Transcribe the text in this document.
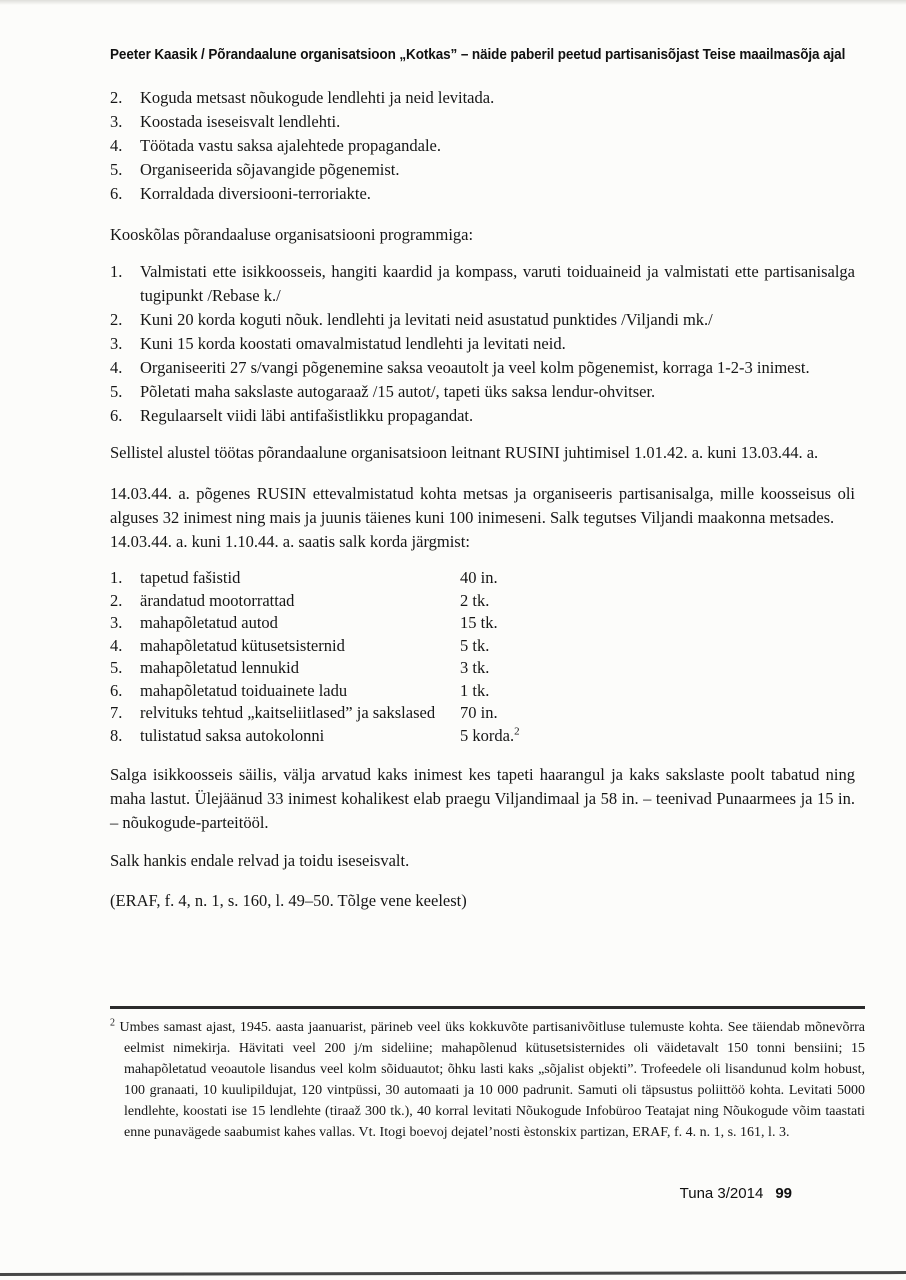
Peeter Kaasik / Põrandaalune organisatsioon „Kotkas” – näide paberil peetud partisanisõjast Teise maailmasõja ajal
2.	Koguda metsast nõukogude lendlehti ja neid levitada.
3.	Koostada iseseisvalt lendlehti.
4.	Töötada vastu saksa ajalehtede propagandale.
5.	Organiseerida sõjavangide põgenemist.
6.	Korraldada diversiooni-terroriakte.

Kooskõlas põrandaaluse organisatsiooni programmiga:

1.	Valmistati ette isikkoosseis, hangiti kaardid ja kompass, varuti toiduaineid ja valmistati ette partisanisalga tugipunkt /Rebase k./
2.	Kuni 20 korda koguti nõuk. lendlehti ja levitati neid asustatud punktides /Viljandi mk./
3.	Kuni 15 korda koostati omavalmistatud lendlehti ja levitati neid.
4.	Organiseeriti 27 s/vangi põgenemine saksa veoautolt ja veel kolm põgenemist, korraga 1-2-3 inimest.
5.	Põletati maha sakslaste autogaraaž /15 autot/, tapeti üks saksa lendur-ohvitser.
6.	Regulaarselt viidi läbi antifašistlikku propagandat.

Sellistel alustel töötas põrandaalune organisatsioon leitnant RUSINI juhtimisel 1.01.42. a. kuni 13.03.44. a.

14.03.44. a. põgenes RUSIN ettevalmistatud kohta metsas ja organiseeris partisanisalga, mille koosseisus oli alguses 32 inimest ning mais ja juunis täienes kuni 100 inimeseni. Salk tegutses Viljandi maakonna metsades.

14.03.44. a. kuni 1.10.44. a. saatis salk korda järgmist:

1.	tapetud fašistid	40 in.
2.	ärandatud mootorrattad	2 tk.
3.	mahapõletatud autod	15 tk.
4.	mahapõletatud kütusetsisternid	5 tk.
5.	mahapõletatud lennukid	3 tk.
6.	mahapõletatud toiduainete ladu	1 tk.
7.	relvituks tehtud „kaitseliitlased” ja sakslased	70 in.
8.	tulistatud saksa autokolonni	5 korda.$^2$

Salga isikkoosseis säilis, välja arvatud kaks inimest kes tapeti haarangul ja kaks sakslaste poolt tabatud ning maha lastut. Ülejäänud 33 inimest kohalikest elab praegu Viljandimaal ja 58 in. – teenivad Punaarmees ja 15 in. – nõukogude-parteitööl.

Salk hankis endale relvad ja toidu iseseisvalt.

(ERAF, f. 4, n. 1, s. 160, l. 49–50. Tõlge vene keelest)

$^2$ Umbes samast ajast, 1945. aasta jaanuarist, pärineb veel üks kokkuvõte partisanivõitluse tulemuste kohta. See täiendab mõnevõrra eelmist nimekirja. Hävitati veel 200 j/m sideliine; mahapõlenud kütusetsisternides oli väidetavalt 150 tonni bensiini; 15 mahapõletatud veoautole lisandus veel kolm sõiduautot; õhku lasti kaks „sõjalist objekti”. Trofeedele oli lisandunud kolm hobust, 100 granaati, 10 kuulipildujat, 120 vintpüssi, 30 automaati ja 10 000 padrunit. Samuti oli täpsustus poliittöö kohta. Levitati 5000 lendlehte, koostati ise 15 lendlehte (tiraaž 300 tk.), 40 korral levitati Nõukogude Infobüroo Teatajat ning Nõukogude võim taastati enne punavägede saabumist kahes vallas. Vt. Itogi boevoj dejatel’nosti èstonskix partizan, ERAF, f. 4. n. 1, s. 161, l. 3.

Tuna 3/2014 99
